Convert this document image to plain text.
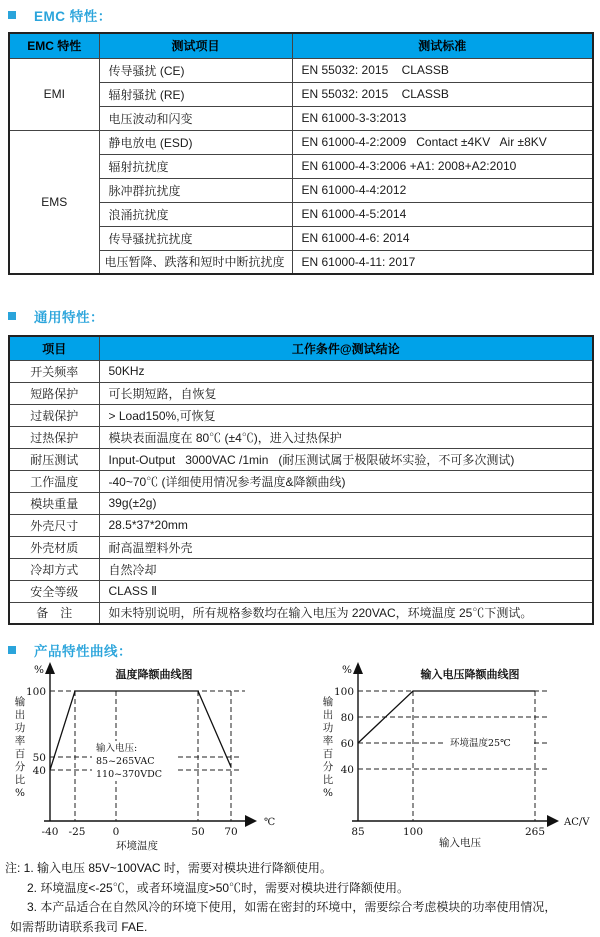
EMC 特性：
EMC 特性	测试项目	测试标准
EMI	传导骚扰 (CE)	EN 55032: 2015    CLASSB
	辐射骚扰 (RE)	EN 55032: 2015    CLASSB
	电压波动和闪变	EN 61000-3-3:2013
EMS	静电放电 (ESD)	EN 61000-4-2:2009   Contact ±4KV   Air ±8KV
	辐射抗扰度	EN 61000-4-3:2006 +A1: 2008+A2:2010
	脉冲群抗扰度	EN 61000-4-4:2012
	浪涌抗扰度	EN 61000-4-5:2014
	传导骚扰抗扰度	EN 61000-4-6: 2014
	电压暂降、跌落和短时中断抗扰度	EN 61000-4-11: 2017
通用特性：
项目	工作条件@测试结论
开关频率	50KHz
短路保护	可长期短路，自恢复
过载保护	> Load150%,可恢复
过热保护	模块表面温度在 80℃ (±4℃)，进入过热保护
耐压测试	Input-Output   3000VAC /1min   (耐压测试属于极限破坏实验，不可多次测试)
工作温度	-40~70℃ (详细使用情况参考温度&降额曲线)
模块重量	39g(±2g)
外壳尺寸	28.5*37*20mm
外壳材质	耐高温塑料外壳
冷却方式	自然冷却
安全等级	CLASS Ⅱ
备　注	如未特别说明，所有规格参数均在输入电压为 220VAC，环境温度 25℃下测试。
产品特性曲线：
温度降额曲线图
%
100
50
40
输
出
功
率
百
分
比
%
输入电压:
85~265VAC
110~370VDC
-40 -25	0	50 70
℃
环境温度
输入电压降额曲线图
%
100
80
60
40
输
出
功
率
百
分
比
%
环境温度25℃
85	100	265
AC/V
输入电压
注: 1. 输入电压 85V~100VAC 时，需要对模块进行降额使用。
2. 环境温度<-25℃，或者环境温度>50℃时，需要对模块进行降额使用。
3. 本产品适合在自然风冷的环境下使用，如需在密封的环境中，需要综合考虑模块的功率使用情况，
如需帮助请联系我司 FAE.
